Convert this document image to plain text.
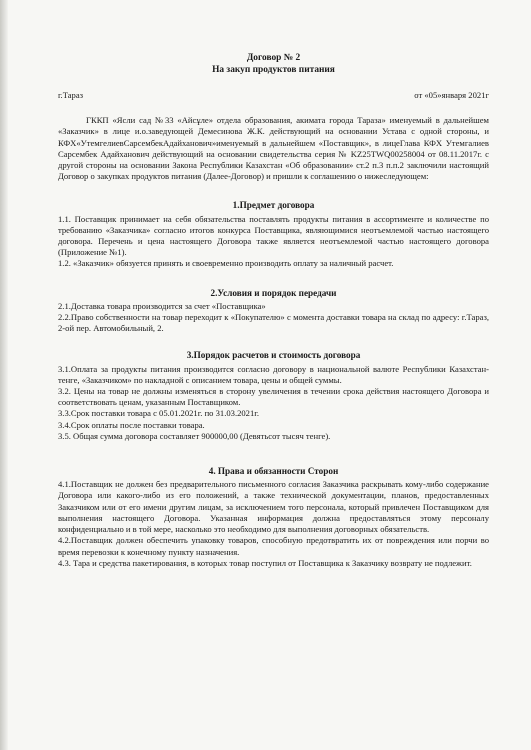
Договор № 2
На закуп продуктов питания
г.Тараз	от «05»января 2021г

ГККП «Ясли сад №33 «Айсұле» отдела образования, акимата города Тараза» именуемый в дальнейшем «Заказчик» в лице и.о.заведующей Демесинова Ж.К. действующий на основании Устава с одной стороны, и КФХ«УтемгелиевСарсембекАдайханович»именуемый в дальнейшем «Поставщик», в лицеГлава КФХ Утемгалиев Сарсембек Адайханович действующий на основании свидетельства серия № KZ25TWQ00258004 от 08.11.2017г. с другой стороны на основании Закона Республики Казахстан «Об образовании» ст.2 п.3 п.п.2 заключили настоящий Договор о закупках продуктов питания (Далее-Договор) и пришли к соглашению о нижеследующем:

1.Предмет договора

1.1. Поставщик принимает на себя обязательства поставлять продукты питания в ассортименте и количестве по требованию «Заказчика» согласно итогов конкурса Поставщика, являющимися неотъемлемой частью настоящего договора. Перечень и цена настоящего Договора также является неотъемлемой частью настоящего договора (Приложение №1).

1.2. «Заказчик» обязуется принять и своевременно производить оплату за наличный расчет.

2.Условия и порядок передачи

2.1.Доставка товара производится за счет «Поставщика»

2.2.Право собственности на товар переходит к «Покупателю» с момента доставки товара на склад по адресу: г.Тараз, 2-ой пер. Автомобильный, 2.

3.Порядок расчетов и стоимость договора

3.1.Оплата за продукты питания производится согласно договору в национальной валюте Республики Казахстан-тенге, «Заказчиком» по накладной с описанием товара, цены и общей суммы.

3.2. Цены на товар не должны изменяться в сторону увеличения в течении срока действия настоящего Договора и соответствовать ценам, указанным Поставщиком.

3.3.Срок поставки товара с 05.01.2021г. по 31.03.2021г.

3.4.Срок оплаты после поставки товара.

3.5. Общая сумма договора составляет 900000,00 (Девятьсот тысяч тенге).

4. Права и обязанности Сторон

4.1.Поставщик не должен без предварительного письменного согласия Заказчика раскрывать кому-либо содержание Договора или какого-либо из его положений, а также технической документации, планов, предоставленных Заказчиком или от его имени другим лицам, за исключением того персонала, который привлечен Поставщиком для выполнения настоящего Договора. Указанная информация должна предоставляться этому персоналу конфиденциально и в той мере, насколько это необходимо для выполнения договорных обязательств.

4.2.Поставщик должен обеспечить упаковку товаров, способную предотвратить их от повреждения или порчи во время перевозки к конечному пункту назначения.

4.3. Тара и средства пакетирования, в которых товар поступил от Поставщика к Заказчику возврату не подлежит.
